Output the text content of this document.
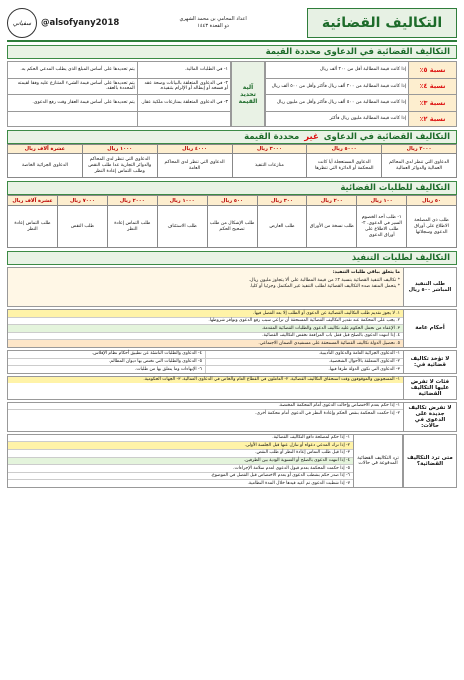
التكاليف القضائية
اعداد المحامي بن محمد الشهري
ذو القعدة ١٤٤٣
@alsofyany2018
سفياني
التكاليف القضائية في الدعاوى

محددة القيمة
نسبة ٥٪
إذا كانت قيمة المطالبة أقل من ٢٠٠ ألف ريال
نسبة ٤٪
إذا كانت قيمة المطالبة من ٢٠٠ ألف ريال فأكثر وأقل من ٥٠٠ ألف ريال
نسبة ٣٪
إذا كانت قيمة المطالبة من ٥٠٠ ألف ريال فأكثر وأقل من مليون ريال
نسبة ٢٪
إذا كانت قيمة المطالبة مليون ريال فأكثر
آلية تحديد القيمة
١- في الطلبات المالية.
يتم تحديدها على أساس المبلغ الذي يطلب المدعي الحكم به.
٢- في الدعاوى المتعلقة بالبيانات وصحة عقد أو فسخه أو إبطاله أو الإلزام بتنفيذه.
يتم تحديدها على أساس قيمة الشيء المتنازع عليه وفقا لقيمته المحددة بالعقد.
٣- في الدعاوى المتعلقة بمنازعات ملكية عقار.
يتم تحديدها على أساس قيمة العقار وقت رفع الدعوى.
التكاليف القضائية في الدعاوى

غير

محددة القيمة
٢٠٠٠ ريال	٥٠٠٠ ريال	٣٠٠٠ ريال	٤٠٠٠ ريال	١٠٠٠ ريال	عشرة آلاف ريال
الدعاوى التي تنظر لدى المحاكم العمالية والدوائر العمالية	الدعاوى المستعجلة أيا كانت المحكمة أو الدائرة التي تنظرها	منازعات التنفيذ	الدعاوى التي تنظر لدى المحاكم العامة	الدعاوى التي تنظر لدى المحاكم والدوائر التجارية عدا طلب النقض وطلب التماس إعادة النظر	الدعاوى الجزائية الخاصة
التكاليف للطلبات القضائية
٥٠ ريال	١٠٠ ريال	٢٠٠ ريال	٣٠٠ ريال	٥٠٠ ريال	١٠٠٠ ريال	٢٠٠٠ ريال	٧٠٠٠ ريال	عشرة آلاف ريال
طلب ذي المصلحة الاطلاع على أوراق الدعوى وسجلاتها	١- طلب أحد الخصوم السير في الدعوى. ٢- طلب الاطلاع على أوراق الدعوى	طلب نسخة من الأوراق	طلب العارض	طلب الإشكال من طلب تصحيح الحكم	طلب الاستئناف	طلب التماس إعادة النظر	طلب النقض	طلب التماس إعادة النظر
التكاليف لطلبات التنفيذ
طلب التنفيذ المباشر ٥٠٠ ريال
ما يتعلق بباقي طلبات التنفيذ:
* تكاليف التنفيذ القضائية بنسبة ٢٪ من قيمة المطالبة على ألا يتجاوز مليون ريال.
* يتحمل المنفذ ضده التكاليف القضائية لطلب التنفيذ غير المكتمل وجزئيا أو كليا.
أحكام عامة
١. لا يجوز تقديم طلب التكاليف القضائية عن الدعوى أو الطلب إلا بعد الفصل فيها.
٢. يجب على المحكمة عند تقدير التكاليف القضائية المستحقة أن تراعي سبب رفع الدعوى وتوافر شروطها.
٣. الإعفاء من تحمل الحكوم عليه تكاليف الدعوى والطلبات القضائية المقدمة.
٤. إذا انتهت الدعوى بالصلح قبل قفل باب المرافعة تخفض التكاليف القضائية.
٥. تحصيل الدولة تكاليف القضائية المستحقة على مستفيدي الضمان الاجتماعي.
لا تؤخذ تكاليف قضائية في:
١- الدعاوى الجزائية العامة والدعاوى التأديبية.
٢- الدعاوى المتعلقة بالأحوال الشخصية.
٣- الدعاوى التي تكون الدولة طرفا فيها.
٤- الدعاوى والطلبات الناشئة عن تطبيق أحكام نظام الإفلاس.
٥- الدعاوى والطلبات التي تختص بها ديوان المظالم.
٦- الإنهاءات وما يتعلق بها من طلبات.
فئات لا تفرض عليها التكاليف القضائية
١- المسجونون والموقوفون وقت استحقاق التكاليف القضائية. ٢- العاملون في القطاع العام والخاص في الدعاوى العمالية. ٣- الجهات الحكومية.
لا تفرض تكاليف جديدة على الدعوى في حالات:
١- إذا حكم بعدم الاختصاص وإحالت الدعوى أمام المحكمة المختصة.
٢- إذا حكمت المحكمة بنقض الحكم وإعادة النظر في الدعوى أمام محكمة أخرى.
متى ترد التكاليف القضائية؟
ترد التكاليف القضائية المدفوعة في حالات
١- إذا حكم لمصلحة دافع التكاليف القضائية.
٢- إذا ترك المدعي دعواه أو تنازل عنها قبل الجلسة الأولى.
٣- إذا قبل طلب التماس إعادة النظر أو طلب النقض.
٤- إذا انتهت الدعوى بالصلح أو التسوية الودية بين الطرفين.
٥- إذا حكمت المحكمة بعدم قبول الدعوى لعدم سلامة الإجراءات.
٦- إذا صدر حكم بشطب الدعوى أو بعدم الاختصاص قبل الفصل في الموضوع.
٧- إذا شطبت الدعوى ثم أعيد قيدها خلال المدة النظامية.
